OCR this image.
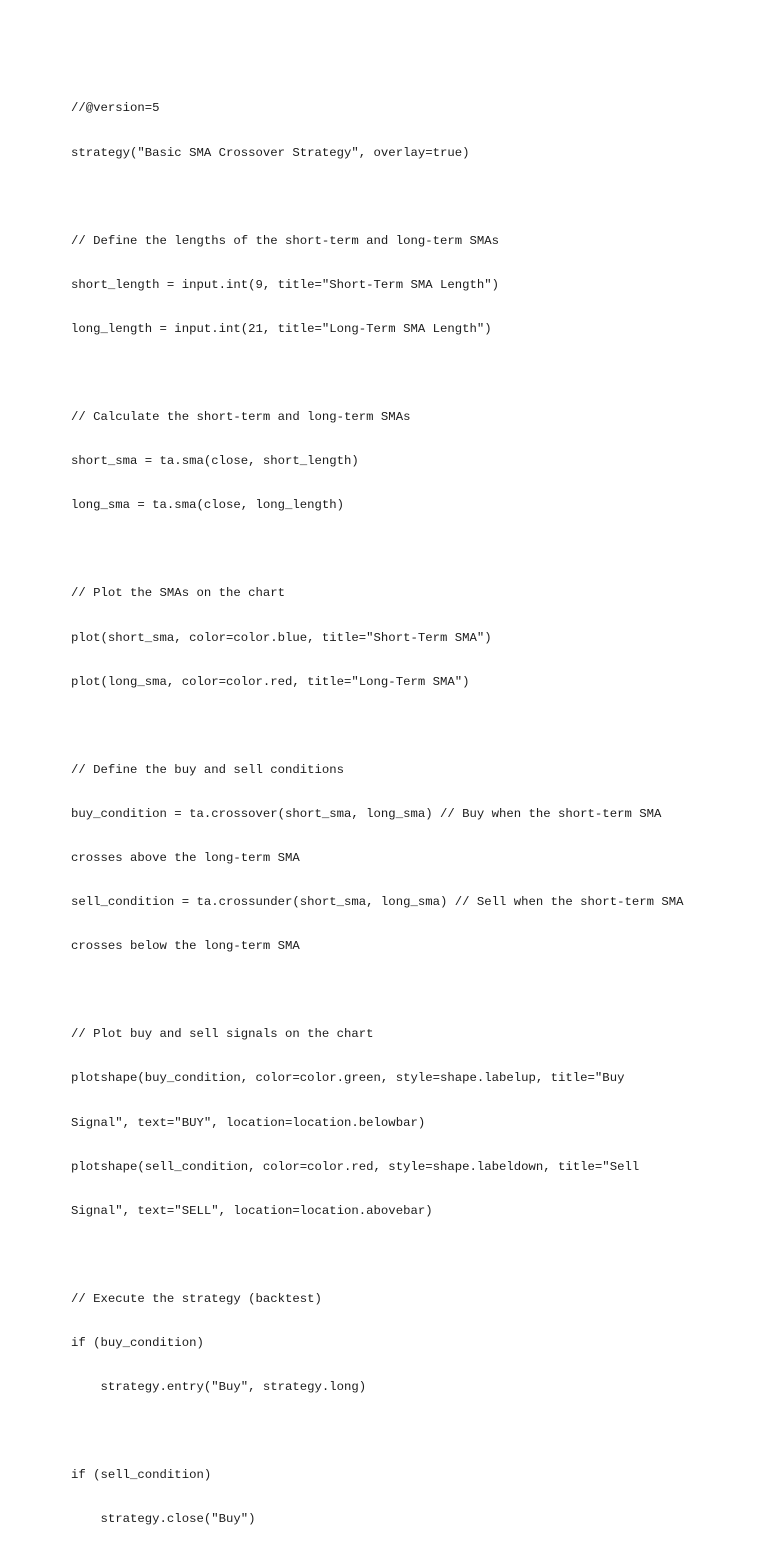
//@version=5

strategy("Basic SMA Crossover Strategy", overlay=true)

// Define the lengths of the short-term and long-term SMAs

short_length = input.int(9, title="Short-Term SMA Length")

long_length = input.int(21, title="Long-Term SMA Length")

// Calculate the short-term and long-term SMAs

short_sma = ta.sma(close, short_length)

long_sma = ta.sma(close, long_length)

// Plot the SMAs on the chart

plot(short_sma, color=color.blue, title="Short-Term SMA")

plot(long_sma, color=color.red, title="Long-Term SMA")

// Define the buy and sell conditions

buy_condition = ta.crossover(short_sma, long_sma) // Buy when the short-term SMA

crosses above the long-term SMA

sell_condition = ta.crossunder(short_sma, long_sma) // Sell when the short-term SMA

crosses below the long-term SMA

// Plot buy and sell signals on the chart

plotshape(buy_condition, color=color.green, style=shape.labelup, title="Buy

Signal", text="BUY", location=location.belowbar)

plotshape(sell_condition, color=color.red, style=shape.labeldown, title="Sell

Signal", text="SELL", location=location.abovebar)

// Execute the strategy (backtest)

if (buy_condition)

strategy.entry("Buy", strategy.long)

if (sell_condition)

strategy.close("Buy")
